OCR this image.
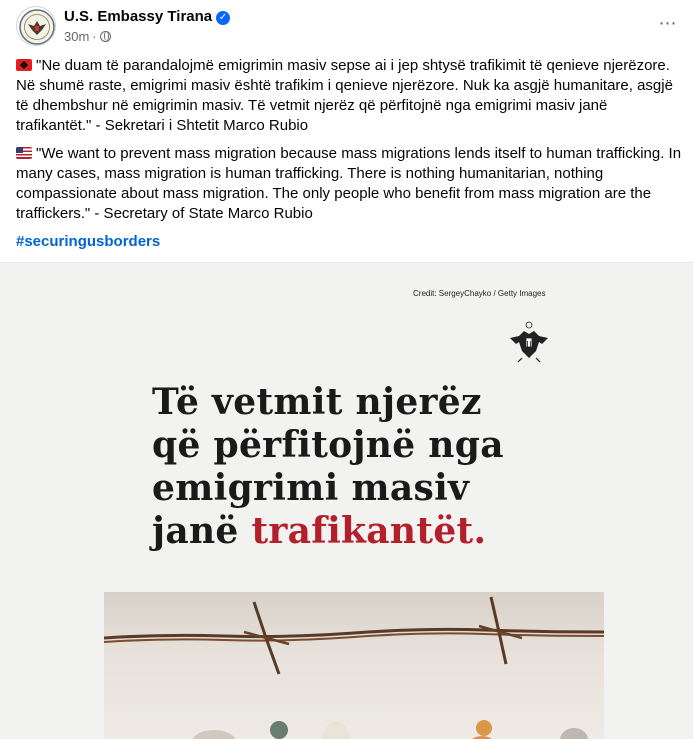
U.S. Embassy Tirana ✓
30m ·
⋯

"Ne duam të parandalojmë emigrimin masiv sepse ai i jep shtysë trafikimit të qenieve njerëzore. Në shumë raste, emigrimi masiv është trafikim i qenieve njerëzore. Nuk ka asgjë humanitare, asgjë të dhembshur në emigrimin masiv. Të vetmit njerëz që përfitojnë nga emigrimi masiv janë trafikantët." - Sekretari i Shtetit Marco Rubio

"We want to prevent mass migration because mass migrations lends itself to human trafficking. In many cases, mass migration is human trafficking. There is nothing humanitarian, nothing compassionate about mass migration. The only people who benefit from mass migration are the traffickers." - Secretary of State Marco Rubio

#securingusborders
Credit: SergeyChayko / Getty Images
Të vetmit njerëz
që përfitojnë nga
emigrimi masiv
janë trafikantët.
